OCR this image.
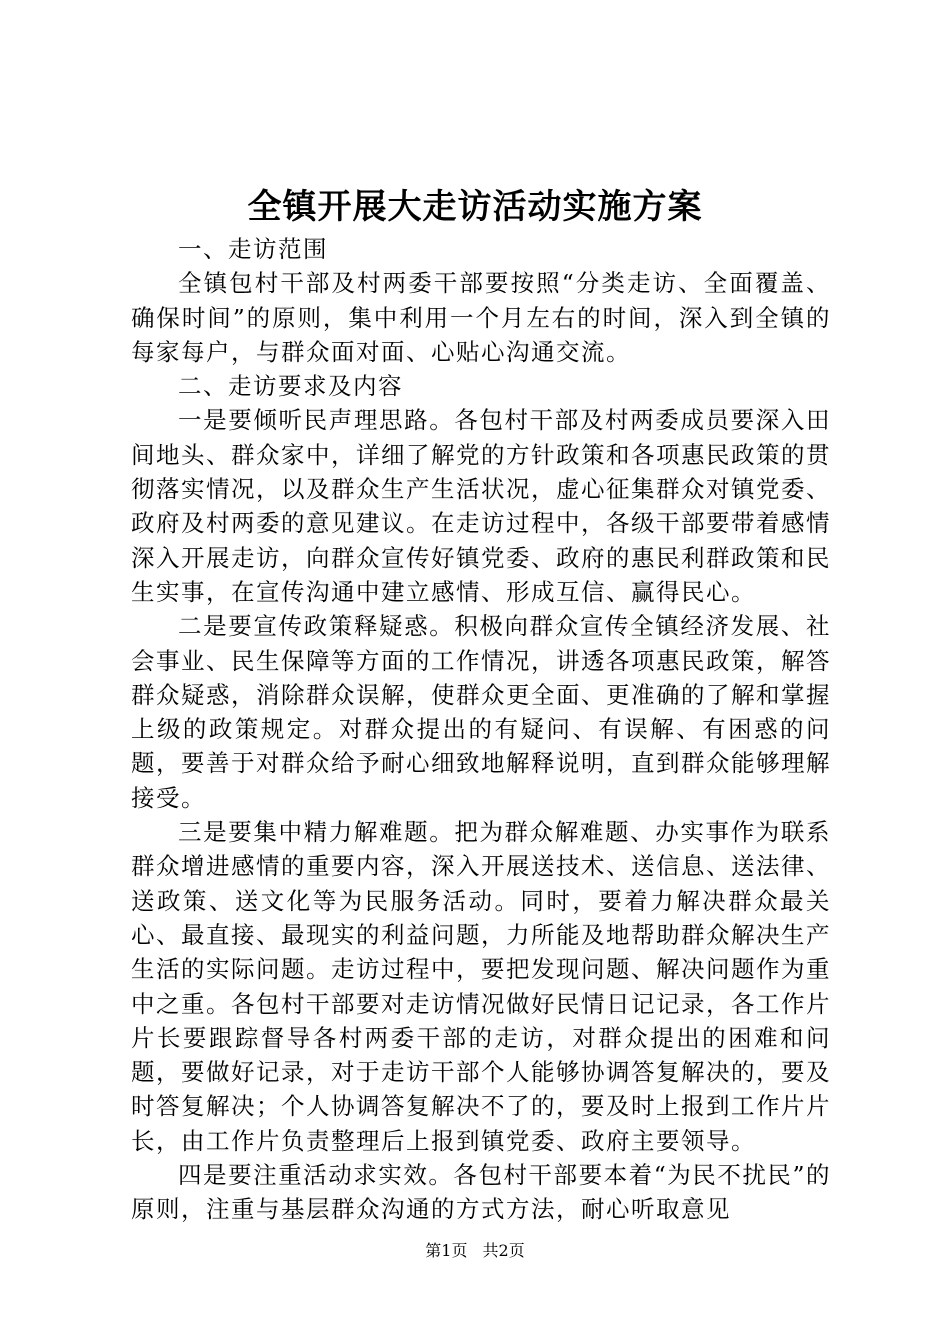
全镇开展大走访活动实施方案

一、走访范围

全镇包村干部及村两委干部要按照“分类走访、全面覆盖、确保时间”的原则，集中利用一个月左右的时间，深入到全镇的每家每户，与群众面对面、心贴心沟通交流。

二、走访要求及内容

一是要倾听民声理思路。各包村干部及村两委成员要深入田间地头、群众家中，详细了解党的方针政策和各项惠民政策的贯彻落实情况，以及群众生产生活状况，虚心征集群众对镇党委、政府及村两委的意见建议。在走访过程中，各级干部要带着感情深入开展走访，向群众宣传好镇党委、政府的惠民利群政策和民生实事，在宣传沟通中建立感情、形成互信、赢得民心。

二是要宣传政策释疑惑。积极向群众宣传全镇经济发展、社会事业、民生保障等方面的工作情况，讲透各项惠民政策，解答群众疑惑，消除群众误解，使群众更全面、更准确的了解和掌握上级的政策规定。对群众提出的有疑问、有误解、有困惑的问题，要善于对群众给予耐心细致地解释说明，直到群众能够理解接受。

三是要集中精力解难题。把为群众解难题、办实事作为联系群众增进感情的重要内容，深入开展送技术、送信息、送法律、送政策、送文化等为民服务活动。同时，要着力解决群众最关心、最直接、最现实的利益问题，力所能及地帮助群众解决生产生活的实际问题。走访过程中，要把发现问题、解决问题作为重中之重。各包村干部要对走访情况做好民情日记记录，各工作片片长要跟踪督导各村两委干部的走访，对群众提出的困难和问题，要做好记录，对于走访干部个人能够协调答复解决的，要及时答复解决；个人协调答复解决不了的，要及时上报到工作片片长，由工作片负责整理后上报到镇党委、政府主要领导。

四是要注重活动求实效。各包村干部要本着“为民不扰民”的原则，注重与基层群众沟通的方式方法，耐心听取意见

第1页 共2页
